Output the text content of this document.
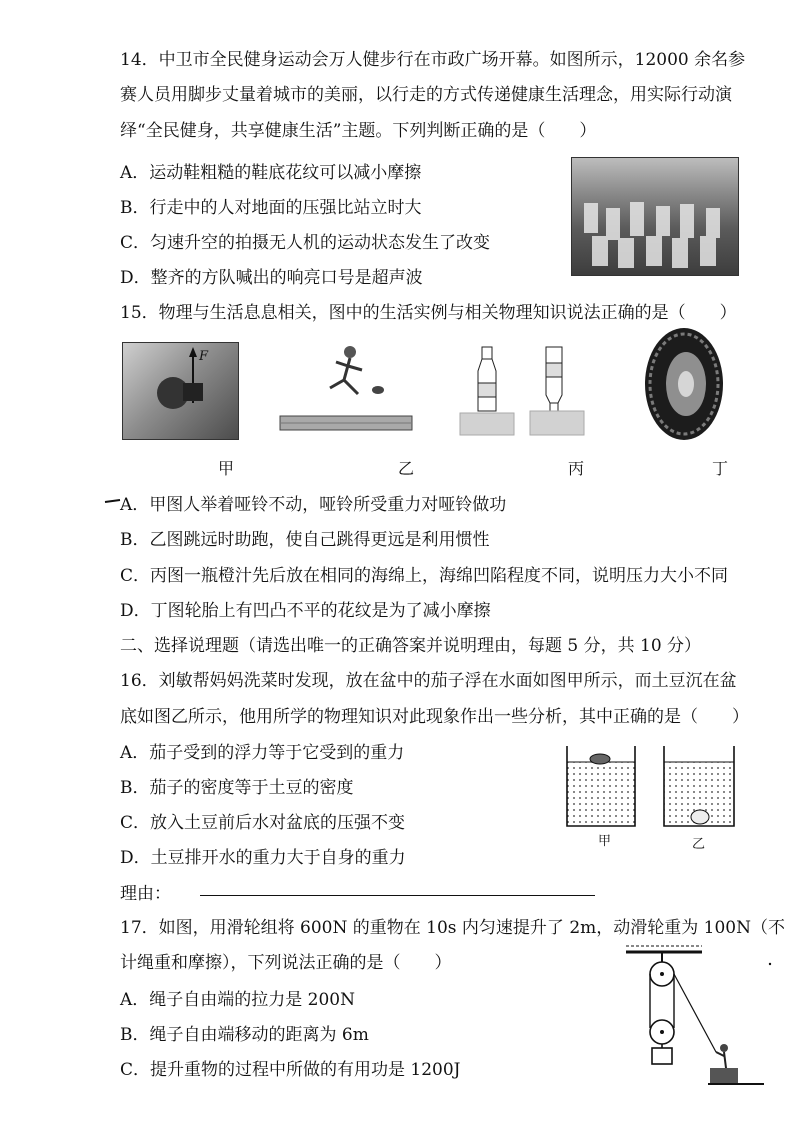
14．中卫市全民健身运动会万人健步行在市政广场开幕。如图所示，12000 余名参
赛人员用脚步丈量着城市的美丽，以行走的方式传递健康生活理念，用实际行动演
绎“全民健身，共享健康生活”主题。下列判断正确的是（　　）
A．运动鞋粗糙的鞋底花纹可以减小摩擦
B．行走中的人对地面的压强比站立时大
C．匀速升空的拍摄无人机的运动状态发生了改变
D．整齐的方队喊出的响亮口号是超声波
15．物理与生活息息相关，图中的生活实例与相关物理知识说法正确的是（　　）
F
甲	乙	丙	丁
A．甲图人举着哑铃不动，哑铃所受重力对哑铃做功
B．乙图跳远时助跑，使自己跳得更远是利用惯性
C．丙图一瓶橙汁先后放在相同的海绵上，海绵凹陷程度不同，说明压力大小不同
D．丁图轮胎上有凹凸不平的花纹是为了减小摩擦
二、选择说理题（请选出唯一的正确答案并说明理由，每题 5 分，共 10 分）
16．刘敏帮妈妈洗菜时发现，放在盆中的茄子浮在水面如图甲所示，而土豆沉在盆
底如图乙所示，他用所学的物理知识对此现象作出一些分析，其中正确的是（　　）
A．茄子受到的浮力等于它受到的重力
B．茄子的密度等于土豆的密度
C．放入土豆前后水对盆底的压强不变
D．土豆排开水的重力大于自身的重力
甲	乙
理由：
17．如图，用滑轮组将 600N 的重物在 10s 内匀速提升了 2m，动滑轮重为 100N（不
计绳重和摩擦），下列说法正确的是（　　）
A．绳子自由端的拉力是 200N
B．绳子自由端移动的距离为 6m
C．提升重物的过程中所做的有用功是 1200J
